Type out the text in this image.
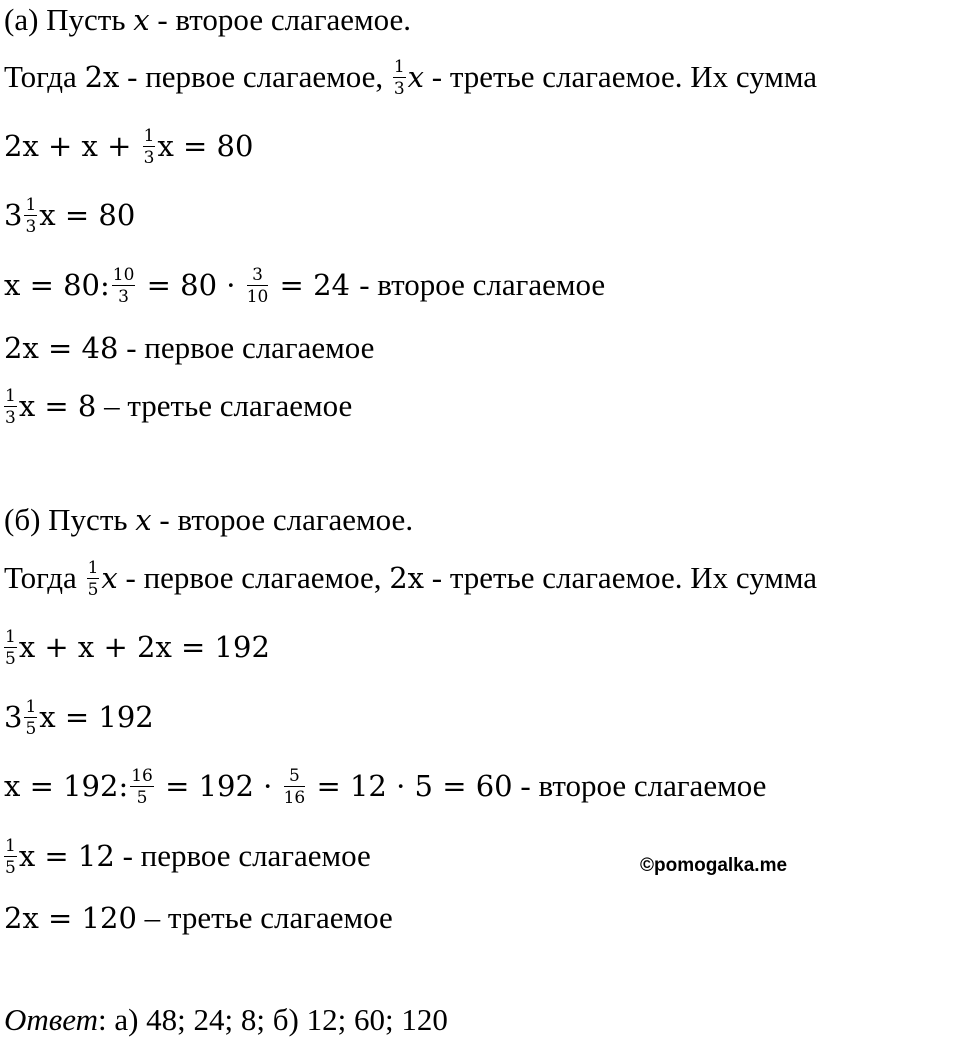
(а) Пусть x - второе слагаемое.
Тогда 2x - первое слагаемое, $\frac{1}{3}$ x - третье слагаемое. Их сумма
$2x + x + \frac{1}{3}$ x = 80
$3 \frac{1}{3}$ x = 80
x = 80: $\frac{10}{3} = 80 \cdot \frac{3}{10} = 24$ - второе слагаемое
2x = 48 - первое слагаемое
$\frac{1}{3}$ x = 8 – третье слагаемое
(б) Пусть x - второе слагаемое.
Тогда $\frac{1}{5}$ x - первое слагаемое, 2x - третье слагаемое. Их сумма
$\frac{1}{5}$ x + x + 2x = 192
$3 \frac{1}{5}$ x = 192
x = 192: $\frac{16}{5} = 192 \cdot \frac{5}{16} = 12 \cdot 5 = 60$ - второе слагаемое
$\frac{1}{5}$ x = 12 - первое слагаемое
2x = 120 – третье слагаемое
Ответ: а) 48; 24; 8; б) 12; 60; 120
©pomogalka.me
